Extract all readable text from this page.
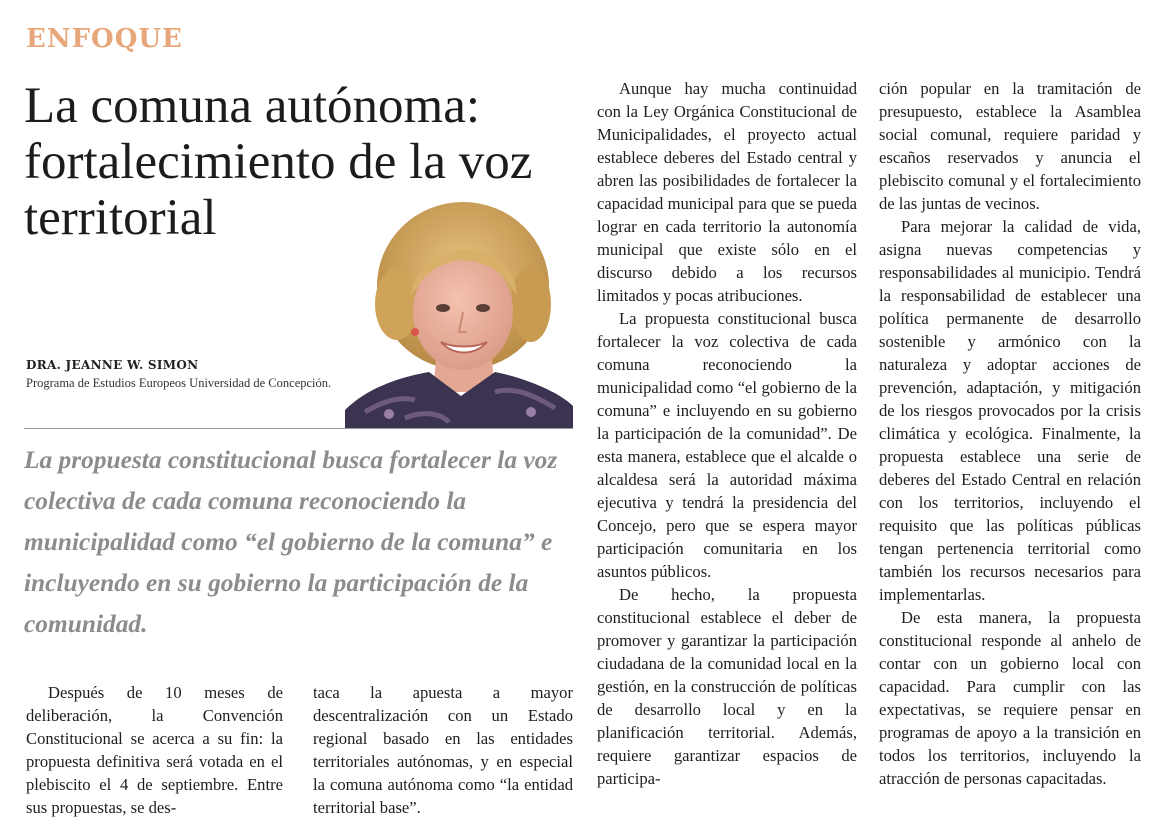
ENFOQUE
La comuna autónoma: fortalecimiento de la voz territorial
DRA. JEANNE W. SIMON
Programa de Estudios Europeos Universidad de Concepción.

La propuesta constitucional busca fortalecer la voz colectiva de cada comuna reconociendo la municipalidad como “el gobierno de la comuna” e incluyendo en su gobierno la participación de la comunidad.

Después de 10 meses de deliberación, la Convención Constitucional se acerca a su fin: la propuesta definitiva será votada en el plebiscito el 4 de septiembre. Entre sus propuestas, se des-

taca la apuesta a mayor descentralización con un Estado regional basado en las entidades territoriales autónomas, y en especial la comuna autónoma como “la entidad territorial base”.

Aunque hay mucha continuidad con la Ley Orgánica Constitucional de Municipalidades, el proyecto actual establece deberes del Estado central y abren las posibilidades de fortalecer la capacidad municipal para que se pueda lograr en cada territorio la autonomía municipal que existe sólo en el discurso debido a los recursos limitados y pocas atribuciones.

La propuesta constitucional busca fortalecer la voz colectiva de cada comuna reconociendo la municipalidad como “el gobierno de la comuna” e incluyendo en su gobierno la participación de la comunidad”. De esta manera, establece que el alcalde o alcaldesa será la autoridad máxima ejecutiva y tendrá la presidencia del Concejo, pero que se espera mayor participación comunitaria en los asuntos públicos.

De hecho, la propuesta constitucional establece el deber de promover y garantizar la participación ciudadana de la comunidad local en la gestión, en la construcción de políticas de desarrollo local y en la planificación territorial. Además, requiere garantizar espacios de participa-

ción popular en la tramitación de presupuesto, establece la Asamblea social comunal, requiere paridad y escaños reservados y anuncia el plebiscito comunal y el fortalecimiento de las juntas de vecinos.

Para mejorar la calidad de vida, asigna nuevas competencias y responsabilidades al municipio. Tendrá la responsabilidad de establecer una política permanente de desarrollo sostenible y armónico con la naturaleza y adoptar acciones de prevención, adaptación, y mitigación de los riesgos provocados por la crisis climática y ecológica. Finalmente, la propuesta establece una serie de deberes del Estado Central en relación con los territorios, incluyendo el requisito que las políticas públicas tengan pertenencia territorial como también los recursos necesarios para implementarlas.

De esta manera, la propuesta constitucional responde al anhelo de contar con un gobierno local con capacidad. Para cumplir con las expectativas, se requiere pensar en programas de apoyo a la transición en todos los territorios, incluyendo la atracción de personas capacitadas.
